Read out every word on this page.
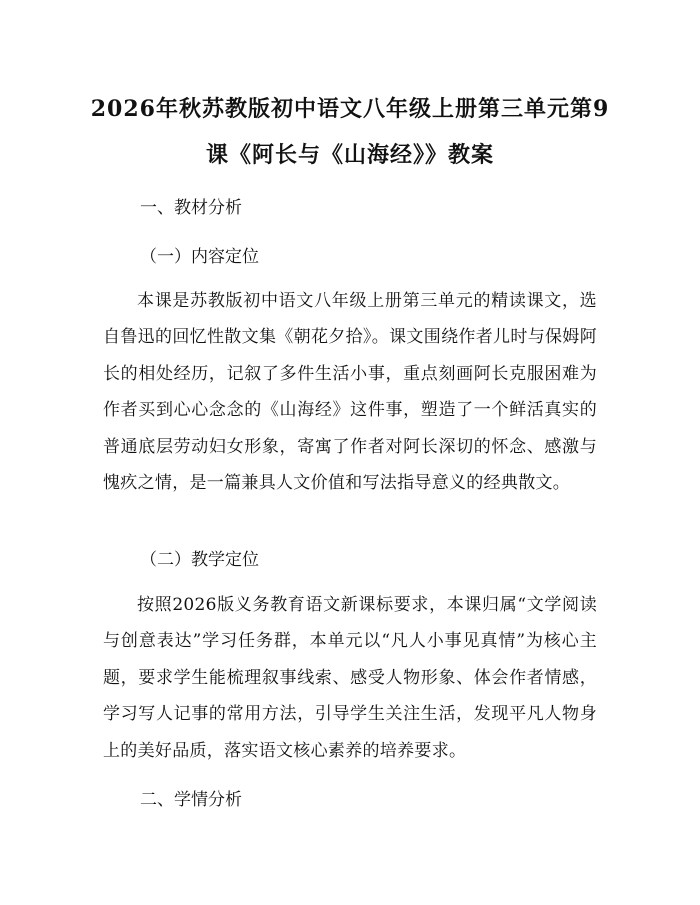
2026年秋苏教版初中语文八年级上册第三单元第9课《阿长与《山海经》》教案
一、教材分析
（一）内容定位

本课是苏教版初中语文八年级上册第三单元的精读课文，选自鲁迅的回忆性散文集《朝花夕拾》。课文围绕作者儿时与保姆阿长的相处经历，记叙了多件生活小事，重点刻画阿长克服困难为作者买到心心念念的《山海经》这件事，塑造了一个鲜活真实的普通底层劳动妇女形象，寄寓了作者对阿长深切的怀念、感激与愧疚之情，是一篇兼具人文价值和写法指导意义的经典散文。

（二）教学定位

按照2026版义务教育语文新课标要求，本课归属“文学阅读与创意表达”学习任务群，本单元以“凡人小事见真情”为核心主题，要求学生能梳理叙事线索、感受人物形象、体会作者情感，学习写人记事的常用方法，引导学生关注生活，发现平凡人物身上的美好品质，落实语文核心素养的培养要求。

二、学情分析
